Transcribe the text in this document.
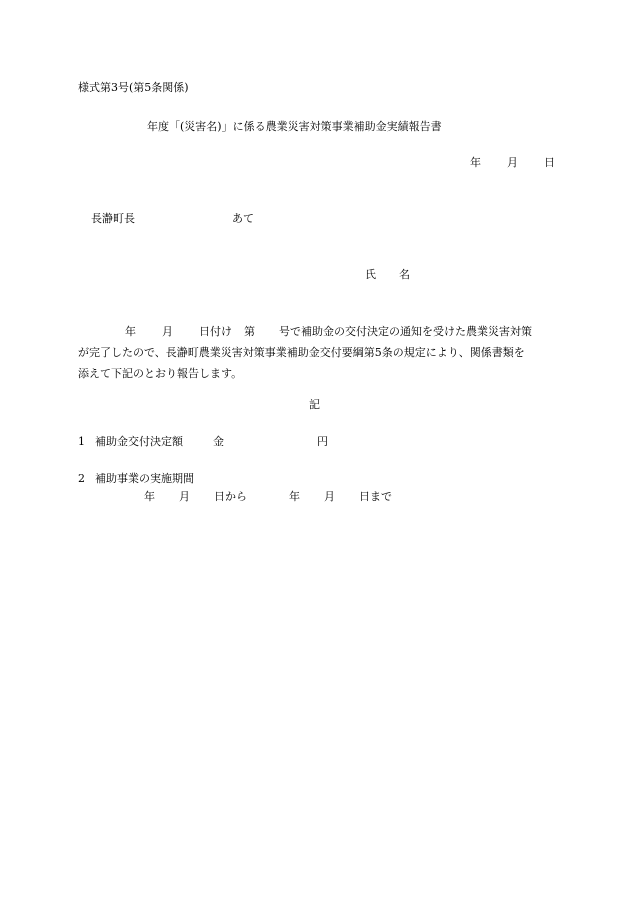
様式第3号(第5条関係)
年度「(災害名)」に係る農業災害対策事業補助金実績報告書
年 月 日
長瀞町長	あて
氏 名
年 月 日付け 第 号で補助金の交付決定の通知を受けた農業災害対策
が完了したので、長瀞町農業災害対策事業補助金交付要綱第5条の規定により、関係書類を
添えて下記のとおり報告します。
記
1 補助金交付決定額	金	円
2 補助事業の実施期間
年 月 日から	年 月 日まで
